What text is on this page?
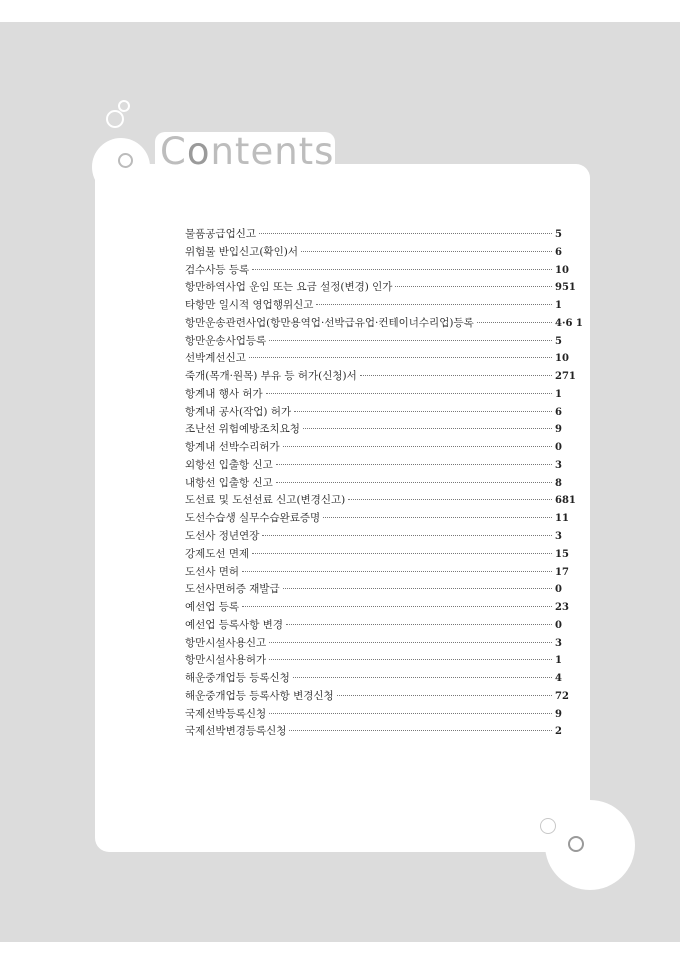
Contents
물품공급업신고	5
위험물 반입신고(확인)서	6
검수사등 등록	10
항만하역사업 운임 또는 요금 설정(변경) 인가	951
타항만 일시적 영업행위신고	1
항만운송관련사업(항만용역업·선박급유업·컨테이너수리업)등록	4·6 1
항만운송사업등록	5
선박계선신고	10
죽개(목개·원목) 부유 등 허가(신청)서	271
항계내 행사 허가	1
항계내 공사(작업) 허가	6
조난선 위험예방조치요청	9
항계내 선박수리허가	0
외항선 입출항 신고	3
내항선 입출항 신고	8
도선료 및 도선선료 신고(변경신고)	681
도선수습생 실무수습완료증명	11
도선사 정년연장	3
강제도선 면제	15
도선사 면허	17
도선사면허증 재발급	0
예선업 등록	23
예선업 등록사항 변경	0
항만시설사용신고	3
항만시설사용허가	1
해운중개업등 등록신청	4
해운중개업등 등록사항 변경신청	72
국제선박등록신청	9
국제선박변경등록신청	2
